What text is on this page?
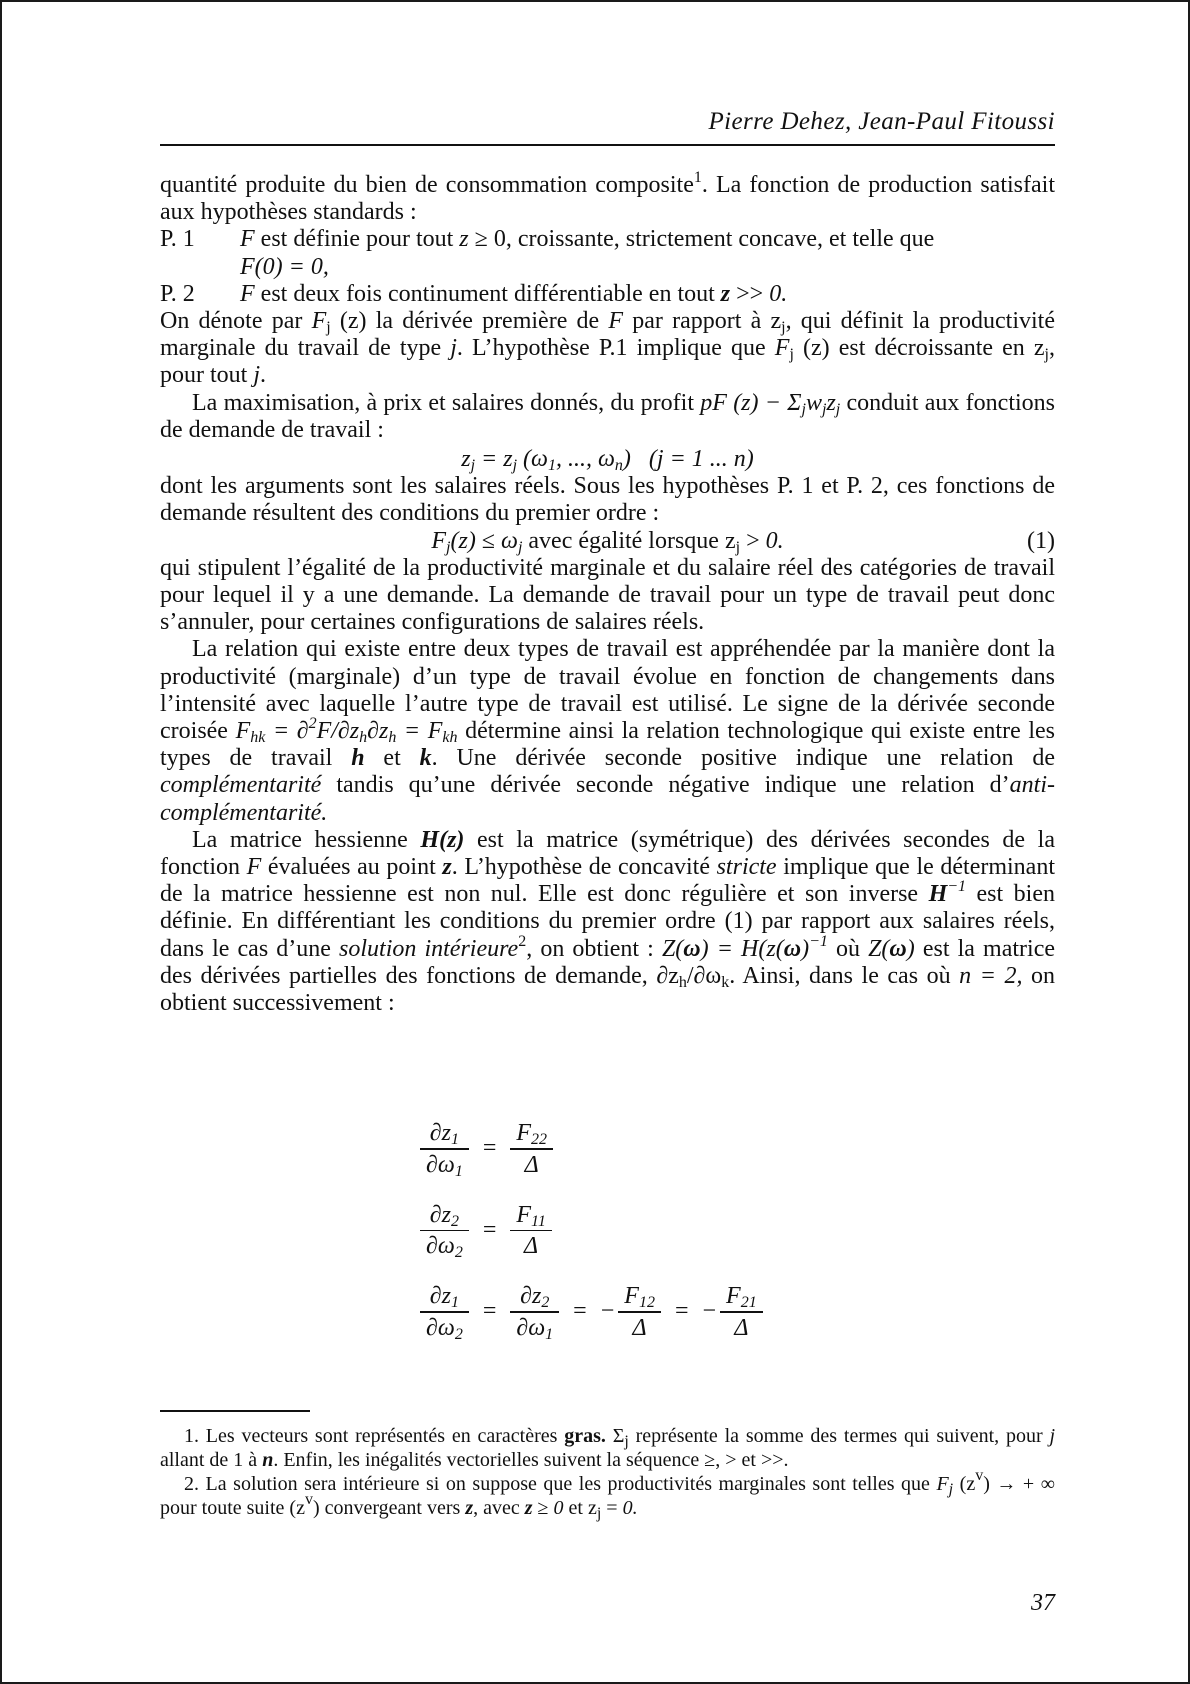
Pierre Dehez, Jean-Paul Fitoussi

quantité produite du bien de consommation composite$^1$. La fonction de production satisfait aux hypothèses standards :

P. 1	F est définie pour tout z ≥ 0, croissante, strictement concave, et telle que
F(0) = 0,
P. 2	F est deux fois continument différentiable en tout z >> 0.

On dénote par $F_j$ (z) la dérivée première de F par rapport à $z_j$, qui définit la productivité marginale du travail de type j. L’hypothèse P.1 implique que $F_j$ (z) est décroissante en $z_j$, pour tout j.

La maximisation, à prix et salaires donnés, du profit pF $(z) - \Sigma_jw_jz_j$ conduit aux fonctions de demande de travail :

$z_j = z_j$ ($\omega_1$, ..., $\omega_n$)   (j = 1 ... n)

dont les arguments sont les salaires réels. Sous les hypothèses P. 1 et P. 2, ces fonctions de demande résultent des conditions du premier ordre :

$F_j(z) \le \omega_j$ avec égalité lorsque $z_j > 0$.	(1)

qui stipulent l’égalité de la productivité marginale et du salaire réel des catégories de travail pour lequel il y a une demande. La demande de travail pour un type de travail peut donc s’annuler, pour certaines configurations de salaires réels.

La relation qui existe entre deux types de travail est appréhendée par la manière dont la productivité (marginale) d’un type de travail évolue en fonction de changements dans l’intensité avec laquelle l’autre type de travail est utilisé. Le signe de la dérivée seconde croisée $F_{hk} = \partial^2F/\partial z_h\partial z_h = F_{kh}$ détermine ainsi la relation technologique qui existe entre les types de travail h et k. Une dérivée seconde positive indique une relation de complémentarité tandis qu’une dérivée seconde négative indique une relation d’anti-complémentarité.

La matrice hessienne H(z) est la matrice (symétrique) des dérivées secondes de la fonction F évaluées au point z. L’hypothèse de concavité stricte implique que le déterminant de la matrice hessienne est non nul. Elle est donc régulière et son inverse $H^{-1}$ est bien définie. En différentiant les conditions du premier ordre (1) par rapport aux salaires réels, dans le cas d’une solution intérieure$^2$, on obtient : $Z(\omega) = H(z(\omega)^{-1}$ où Z(ω) est la matrice des dérivées partielles des fonctions de demande, $\partial z_h/\partial\omega_k$. Ainsi, dans le cas où n = 2, on obtient successivement :

$\frac{\partial z_1}{\partial\omega_1} = \frac{F_{22}}{\Delta}$
$\frac{\partial z_2}{\partial\omega_2} = \frac{F_{11}}{\Delta}$
$\frac{\partial z_1}{\partial\omega_2} = \frac{\partial z_2}{\partial\omega_1}$ = − $\frac{F_{12}}{\Delta}$ = − $\frac{F_{21}}{\Delta}$

1. Les vecteurs sont représentés en caractères gras. $\Sigma_j$ représente la somme des termes qui suivent, pour j allant de 1 à n. Enfin, les inégalités vectorielles suivent la séquence ≥, > et >>.

2. La solution sera intérieure si on suppose que les productivités marginales sont telles que $F_j$ $(z^v)$ → + ∞ pour toute suite $(z^v)$ convergeant vers z, avec z ≥ 0 et $z_j = 0$.

37
